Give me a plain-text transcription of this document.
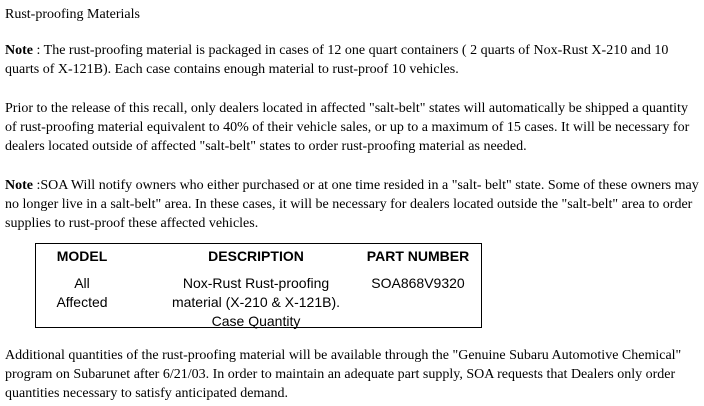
Rust-proofing Materials

Note : The rust-proofing material is packaged in cases of 12 one quart containers ( 2 quarts of Nox-Rust X-210 and 10 quarts of X-121B). Each case contains enough material to rust-proof 10 vehicles.

Prior to the release of this recall, only dealers located in affected "salt-belt" states will automatically be shipped a quantity of rust-proofing material equivalent to 40% of their vehicle sales, or up to a maximum of 15 cases. It will be necessary for dealers located outside of affected "salt-belt" states to order rust-proofing material as needed.

Note :SOA Will notify owners who either purchased or at one time resided in a "salt- belt" state. Some of these owners may no longer live in a salt-belt" area. In these cases, it will be necessary for dealers located outside the "salt-belt" area to order supplies to rust-proof these affected vehicles.

MODEL	DESCRIPTION	PART NUMBER
All
Affected
Nox-Rust Rust-proofing
material (X-210 & X-121B).
Case Quantity
SOA868V9320

Additional quantities of the rust-proofing material will be available through the "Genuine Subaru Automotive Chemical" program on Subarunet after 6/21/03. In order to maintain an adequate part supply, SOA requests that Dealers only order quantities necessary to satisfy anticipated demand.
